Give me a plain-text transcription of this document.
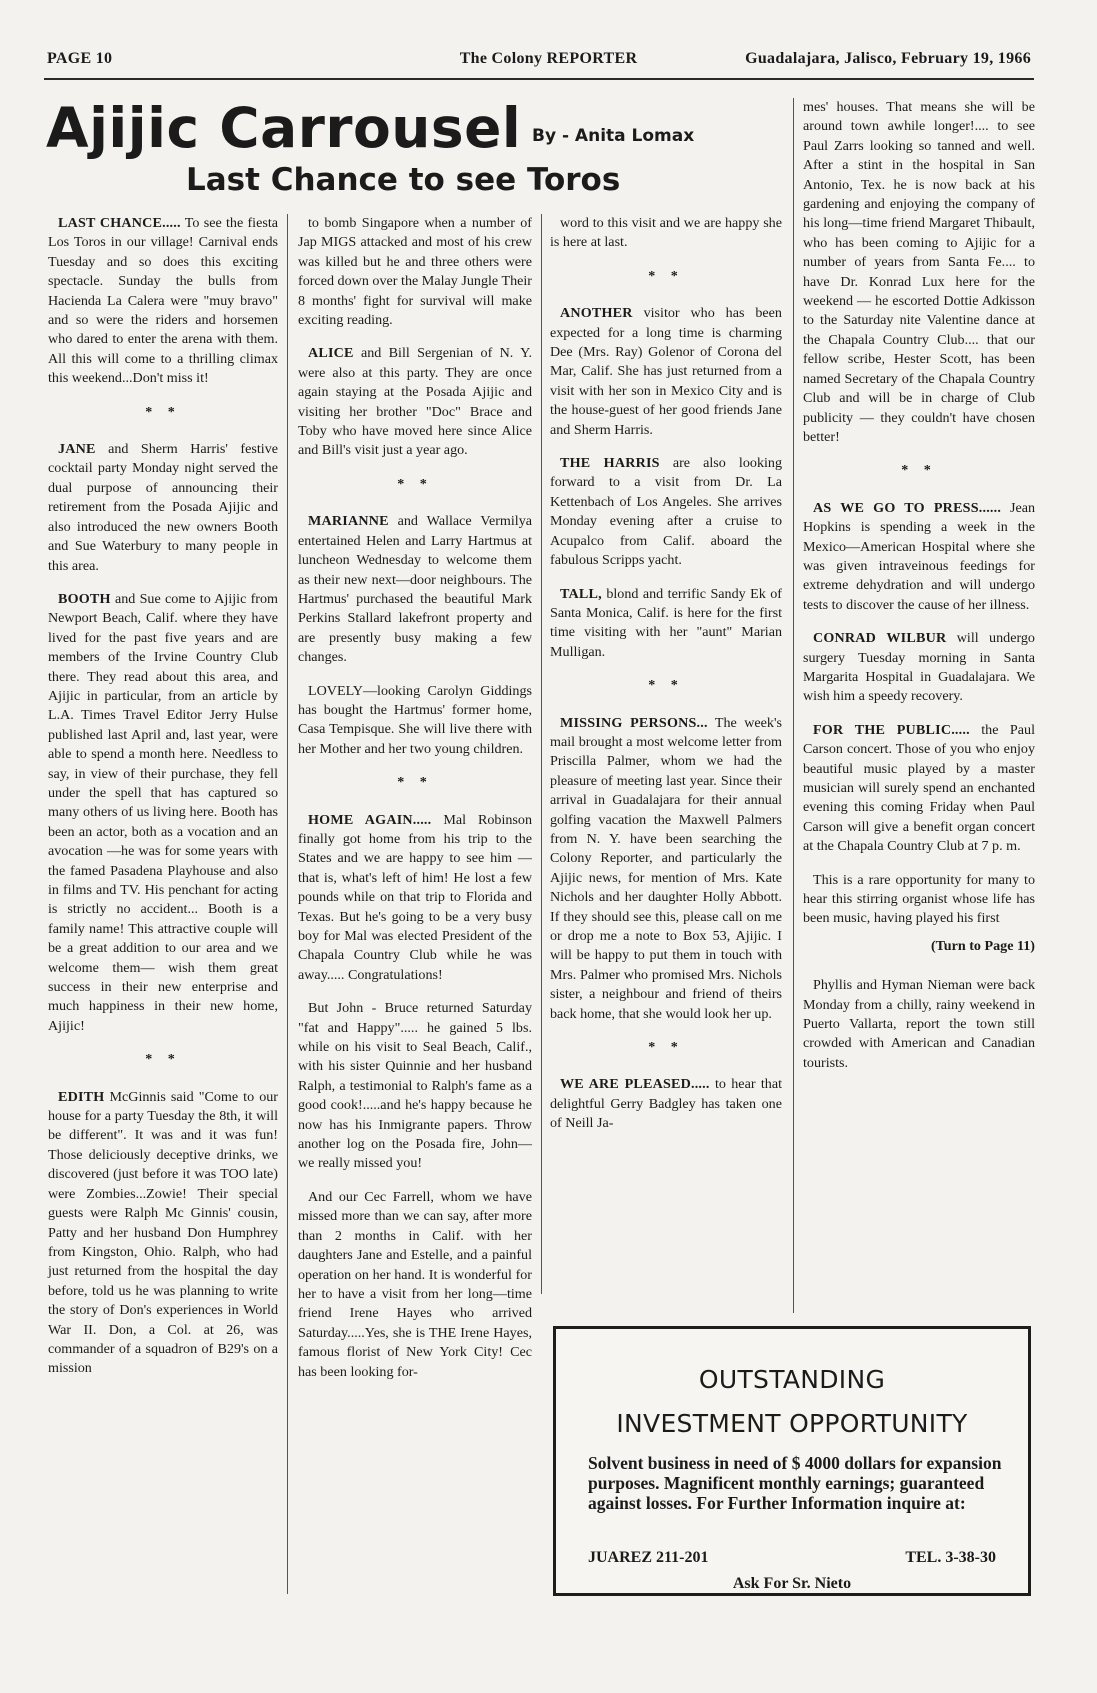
PAGE 10	The Colony REPORTER	Guadalajara, Jalisco, February 19, 1966
Ajijic Carrousel By - Anita Lomax
Last Chance to see Toros

LAST CHANCE..... To see the fiesta Los Toros in our village! Carnival ends Tuesday and so does this exciting spectacle. Sunday the bulls from Hacienda La Calera were "muy bravo" and so were the riders and horsemen who dared to enter the arena with them. All this will come to a thrilling climax this weekend...Don't miss it!

* *

JANE and Sherm Harris' festive cocktail party Monday night served the dual purpose of announcing their retirement from the Posada Ajijic and also introduced the new owners Booth and Sue Waterbury to many people in this area.

BOOTH and Sue come to Ajijic from Newport Beach, Calif. where they have lived for the past five years and are members of the Irvine Country Club there. They read about this area, and Ajijic in particular, from an article by L.A. Times Travel Editor Jerry Hulse published last April and, last year, were able to spend a month here. Needless to say, in view of their purchase, they fell under the spell that has captured so many others of us living here. Booth has been an actor, both as a vocation and an avocation —he was for some years with the famed Pasadena Playhouse and also in films and TV. His penchant for acting is strictly no accident... Booth is a family name! This attractive couple will be a great addition to our area and we welcome them— wish them great success in their new enterprise and much happiness in their new home, Ajijic!

* *

EDITH McGinnis said "Come to our house for a party Tuesday the 8th, it will be different". It was and it was fun! Those deliciously deceptive drinks, we discovered (just before it was TOO late) were Zombies...Zowie! Their special guests were Ralph Mc Ginnis' cousin, Patty and her husband Don Humphrey from Kingston, Ohio. Ralph, who had just returned from the hospital the day before, told us he was planning to write the story of Don's experiences in World War II. Don, a Col. at 26, was commander of a squadron of B29's on a mission

to bomb Singapore when a number of Jap MIGS attacked and most of his crew was killed but he and three others were forced down over the Malay Jungle Their 8 months' fight for survival will make exciting reading.

ALICE and Bill Sergenian of N. Y. were also at this party. They are once again staying at the Posada Ajijic and visiting her brother "Doc" Brace and Toby who have moved here since Alice and Bill's visit just a year ago.

* *

MARIANNE and Wallace Vermilya entertained Helen and Larry Hartmus at luncheon Wednesday to welcome them as their new next—door neighbours. The Hartmus' purchased the beautiful Mark Perkins Stallard lakefront property and are presently busy making a few changes.

LOVELY—looking Carolyn Giddings has bought the Hartmus' former home, Casa Tempisque. She will live there with her Mother and her two young children.

* *

HOME AGAIN..... Mal Robinson finally got home from his trip to the States and we are happy to see him — that is, what's left of him! He lost a few pounds while on that trip to Florida and Texas. But he's going to be a very busy boy for Mal was elected President of the Chapala Country Club while he was away..... Congratulations!

But John - Bruce returned Saturday "fat and Happy"..... he gained 5 lbs. while on his visit to Seal Beach, Calif., with his sister Quinnie and her husband Ralph, a testimonial to Ralph's fame as a good cook!.....and he's happy because he now has his Inmigrante papers. Throw another log on the Posada fire, John— we really missed you!

And our Cec Farrell, whom we have missed more than we can say, after more than 2 months in Calif. with her daughters Jane and Estelle, and a painful operation on her hand. It is wonderful for her to have a visit from her long—time friend Irene Hayes who arrived Saturday.....Yes, she is THE Irene Hayes, famous florist of New York City! Cec has been looking for-

word to this visit and we are happy she is here at last.

* *

ANOTHER visitor who has been expected for a long time is charming Dee (Mrs. Ray) Golenor of Corona del Mar, Calif. She has just returned from a visit with her son in Mexico City and is the house-guest of her good friends Jane and Sherm Harris.

THE HARRIS are also looking forward to a visit from Dr. La Kettenbach of Los Angeles. She arrives Monday evening after a cruise to Acupalco from Calif. aboard the fabulous Scripps yacht.

TALL, blond and terrific Sandy Ek of Santa Monica, Calif. is here for the first time visiting with her "aunt" Marian Mulligan.

* *

MISSING PERSONS... The week's mail brought a most welcome letter from Priscilla Palmer, whom we had the pleasure of meeting last year. Since their arrival in Guadalajara for their annual golfing vacation the Maxwell Palmers from N. Y. have been searching the Colony Reporter, and particularly the Ajijic news, for mention of Mrs. Kate Nichols and her daughter Holly Abbott. If they should see this, please call on me or drop me a note to Box 53, Ajijic. I will be happy to put them in touch with Mrs. Palmer who promised Mrs. Nichols sister, a neighbour and friend of theirs back home, that she would look her up.

* *

WE ARE PLEASED..... to hear that delightful Gerry Badgley has taken one of Neill Ja-

mes' houses. That means she will be around town awhile longer!.... to see Paul Zarrs looking so tanned and well. After a stint in the hospital in San Antonio, Tex. he is now back at his gardening and enjoying the company of his long—time friend Margaret Thibault, who has been coming to Ajijic for a number of years from Santa Fe.... to have Dr. Konrad Lux here for the weekend — he escorted Dottie Adkisson to the Saturday nite Valentine dance at the Chapala Country Club.... that our fellow scribe, Hester Scott, has been named Secretary of the Chapala Country Club and will be in charge of Club publicity — they couldn't have chosen better!

* *

AS WE GO TO PRESS...... Jean Hopkins is spending a week in the Mexico—American Hospital where she was given intraveinous feedings for extreme dehydration and will undergo tests to discover the cause of her illness.

CONRAD WILBUR will undergo surgery Tuesday morning in Santa Margarita Hospital in Guadalajara. We wish him a speedy recovery.

FOR THE PUBLIC..... the Paul Carson concert. Those of you who enjoy beautiful music played by a master musician will surely spend an enchanted evening this coming Friday when Paul Carson will give a benefit organ concert at the Chapala Country Club at 7 p. m.

This is a rare opportunity for many to hear this stirring organist whose life has been music, having played his first

(Turn to Page 11)

Phyllis and Hyman Nieman were back Monday from a chilly, rainy weekend in Puerto Vallarta, report the town still crowded with American and Canadian tourists.

OUTSTANDING
INVESTMENT OPPORTUNITY
Solvent business in need of $ 4000 dollars for expansion purposes. Magnificent monthly earnings; guaranteed against losses. For Further Information inquire at:
JUAREZ 211-201	TEL. 3-38-30
Ask For Sr. Nieto
